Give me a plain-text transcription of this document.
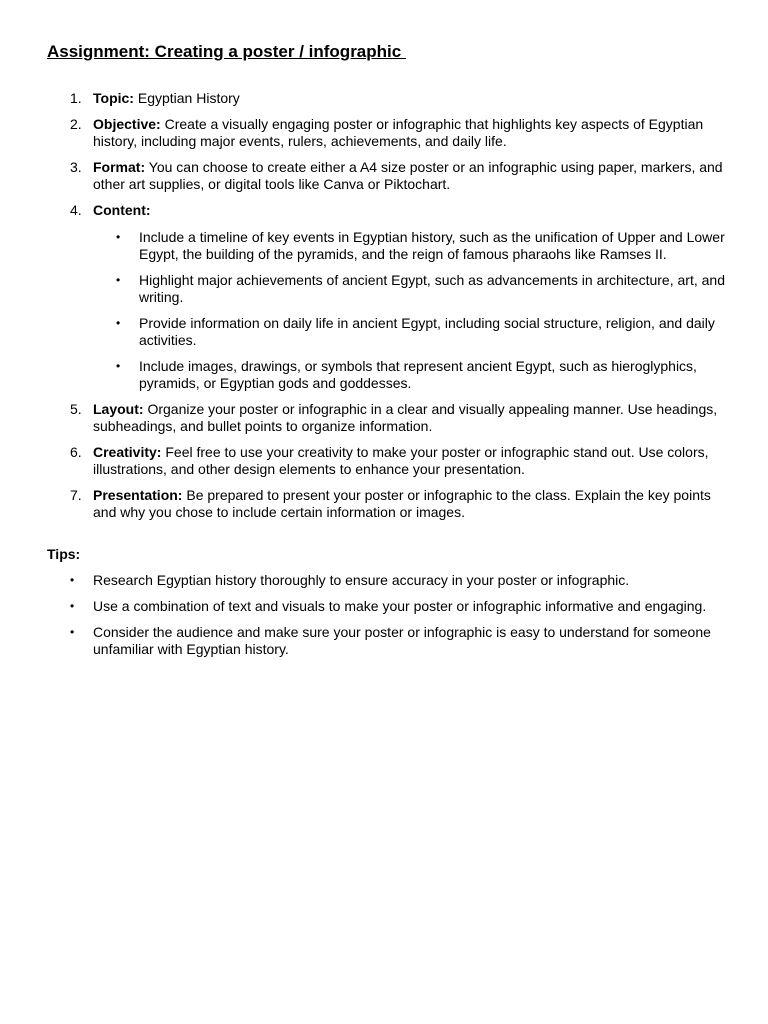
Assignment: Creating a poster / infographic
1. Topic: Egyptian History
2. Objective: Create a visually engaging poster or infographic that highlights key aspects of Egyptian history, including major events, rulers, achievements, and daily life.
3. Format: You can choose to create either a A4 size poster or an infographic using paper, markers, and other art supplies, or digital tools like Canva or Piktochart.
4. Content:
• Include a timeline of key events in Egyptian history, such as the unification of Upper and Lower Egypt, the building of the pyramids, and the reign of famous pharaohs like Ramses II.
• Highlight major achievements of ancient Egypt, such as advancements in architecture, art, and writing.
• Provide information on daily life in ancient Egypt, including social structure, religion, and daily activities.
• Include images, drawings, or symbols that represent ancient Egypt, such as hieroglyphics, pyramids, or Egyptian gods and goddesses.
5. Layout: Organize your poster or infographic in a clear and visually appealing manner. Use headings, subheadings, and bullet points to organize information.
6. Creativity: Feel free to use your creativity to make your poster or infographic stand out. Use colors, illustrations, and other design elements to enhance your presentation.
7. Presentation: Be prepared to present your poster or infographic to the class. Explain the key points and why you chose to include certain information or images.
Tips:
• Research Egyptian history thoroughly to ensure accuracy in your poster or infographic.
• Use a combination of text and visuals to make your poster or infographic informative and engaging.
• Consider the audience and make sure your poster or infographic is easy to understand for someone unfamiliar with Egyptian history.
